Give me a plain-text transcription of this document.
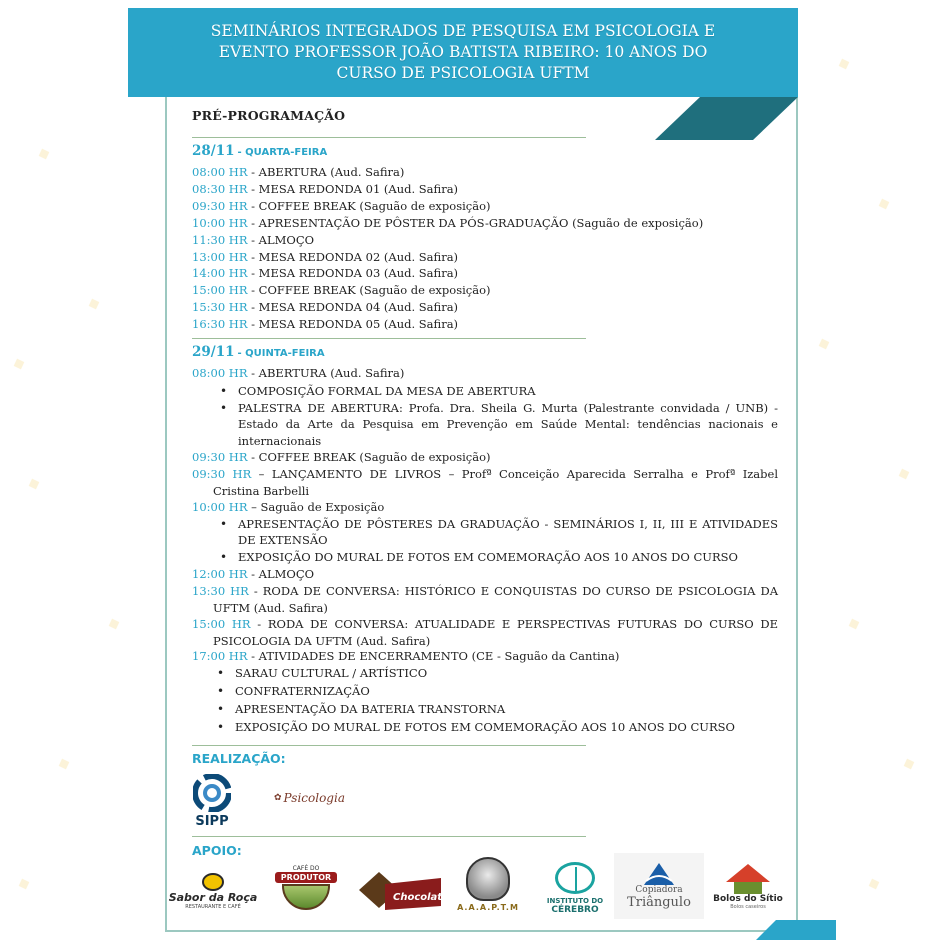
SEMINÁRIOS INTEGRADOS DE PESQUISA EM PSICOLOGIA E EVENTO PROFESSOR JOÃO BATISTA RIBEIRO: 10 ANOS DO CURSO DE PSICOLOGIA UFTM
PRÉ-PROGRAMAÇÃO
28/11 - QUARTA-FEIRA
08:00 HR - ABERTURA (Aud. Safira)
08:30 HR - MESA REDONDA 01 (Aud. Safira)
09:30 HR - COFFEE BREAK (Saguão de exposição)
10:00 HR - APRESENTAÇÃO DE PÔSTER DA PÓS-GRADUAÇÃO (Saguão de exposição)
11:30 HR - ALMOÇO
13:00 HR - MESA REDONDA 02 (Aud. Safira)
14:00 HR - MESA REDONDA 03 (Aud. Safira)
15:00 HR - COFFEE BREAK (Saguão de exposição)
15:30 HR - MESA REDONDA 04 (Aud. Safira)
16:30 HR - MESA REDONDA 05 (Aud. Safira)
29/11 - QUINTA-FEIRA
08:00 HR - ABERTURA (Aud. Safira)
• COMPOSIÇÃO FORMAL DA MESA DE ABERTURA
• PALESTRA DE ABERTURA: Profa. Dra. Sheila G. Murta (Palestrante convidada / UNB) - Estado da Arte da Pesquisa em Prevenção em Saúde Mental: tendências nacionais e internacionais
09:30 HR - COFFEE BREAK (Saguão de exposição)
09:30 HR – LANÇAMENTO DE LIVROS – Profª Conceição Aparecida Serralha e Profª Izabel Cristina Barbelli
10:00 HR – Saguão de Exposição
• APRESENTAÇÃO DE PÔSTERES DA GRADUAÇÃO - SEMINÁRIOS I, II, III E ATIVIDADES DE EXTENSÃO
• EXPOSIÇÃO DO MURAL DE FOTOS EM COMEMORAÇÃO AOS 10 ANOS DO CURSO
12:00 HR - ALMOÇO
13:30 HR - RODA DE CONVERSA: HISTÓRICO E CONQUISTAS DO CURSO DE PSICOLOGIA DA UFTM (Aud. Safira)
15:00 HR - RODA DE CONVERSA: ATUALIDADE E PERSPECTIVAS FUTURAS DO CURSO DE PSICOLOGIA DA UFTM (Aud. Safira)
17:00 HR - ATIVIDADES DE ENCERRAMENTO (CE - Saguão da Cantina)
• SARAU CULTURAL / ARTÍSTICO
• CONFRATERNIZAÇÃO
• APRESENTAÇÃO DA BATERIA TRANSTORNA
• EXPOSIÇÃO DO MURAL DE FOTOS EM COMEMORAÇÃO AOS 10 ANOS DO CURSO
REALIZAÇÃO:
SIPP
✿ Psicologia
APOIO:
Sabor da Roça
RESTAURANTE E CAFÉ
CAFÉ DO
PRODUTOR
Chocolate
A.A.A.P.T.M
INSTITUTO DO
CÉREBRO
Copiadora
Triângulo Bolos do Sítio
Bolos caseiros
